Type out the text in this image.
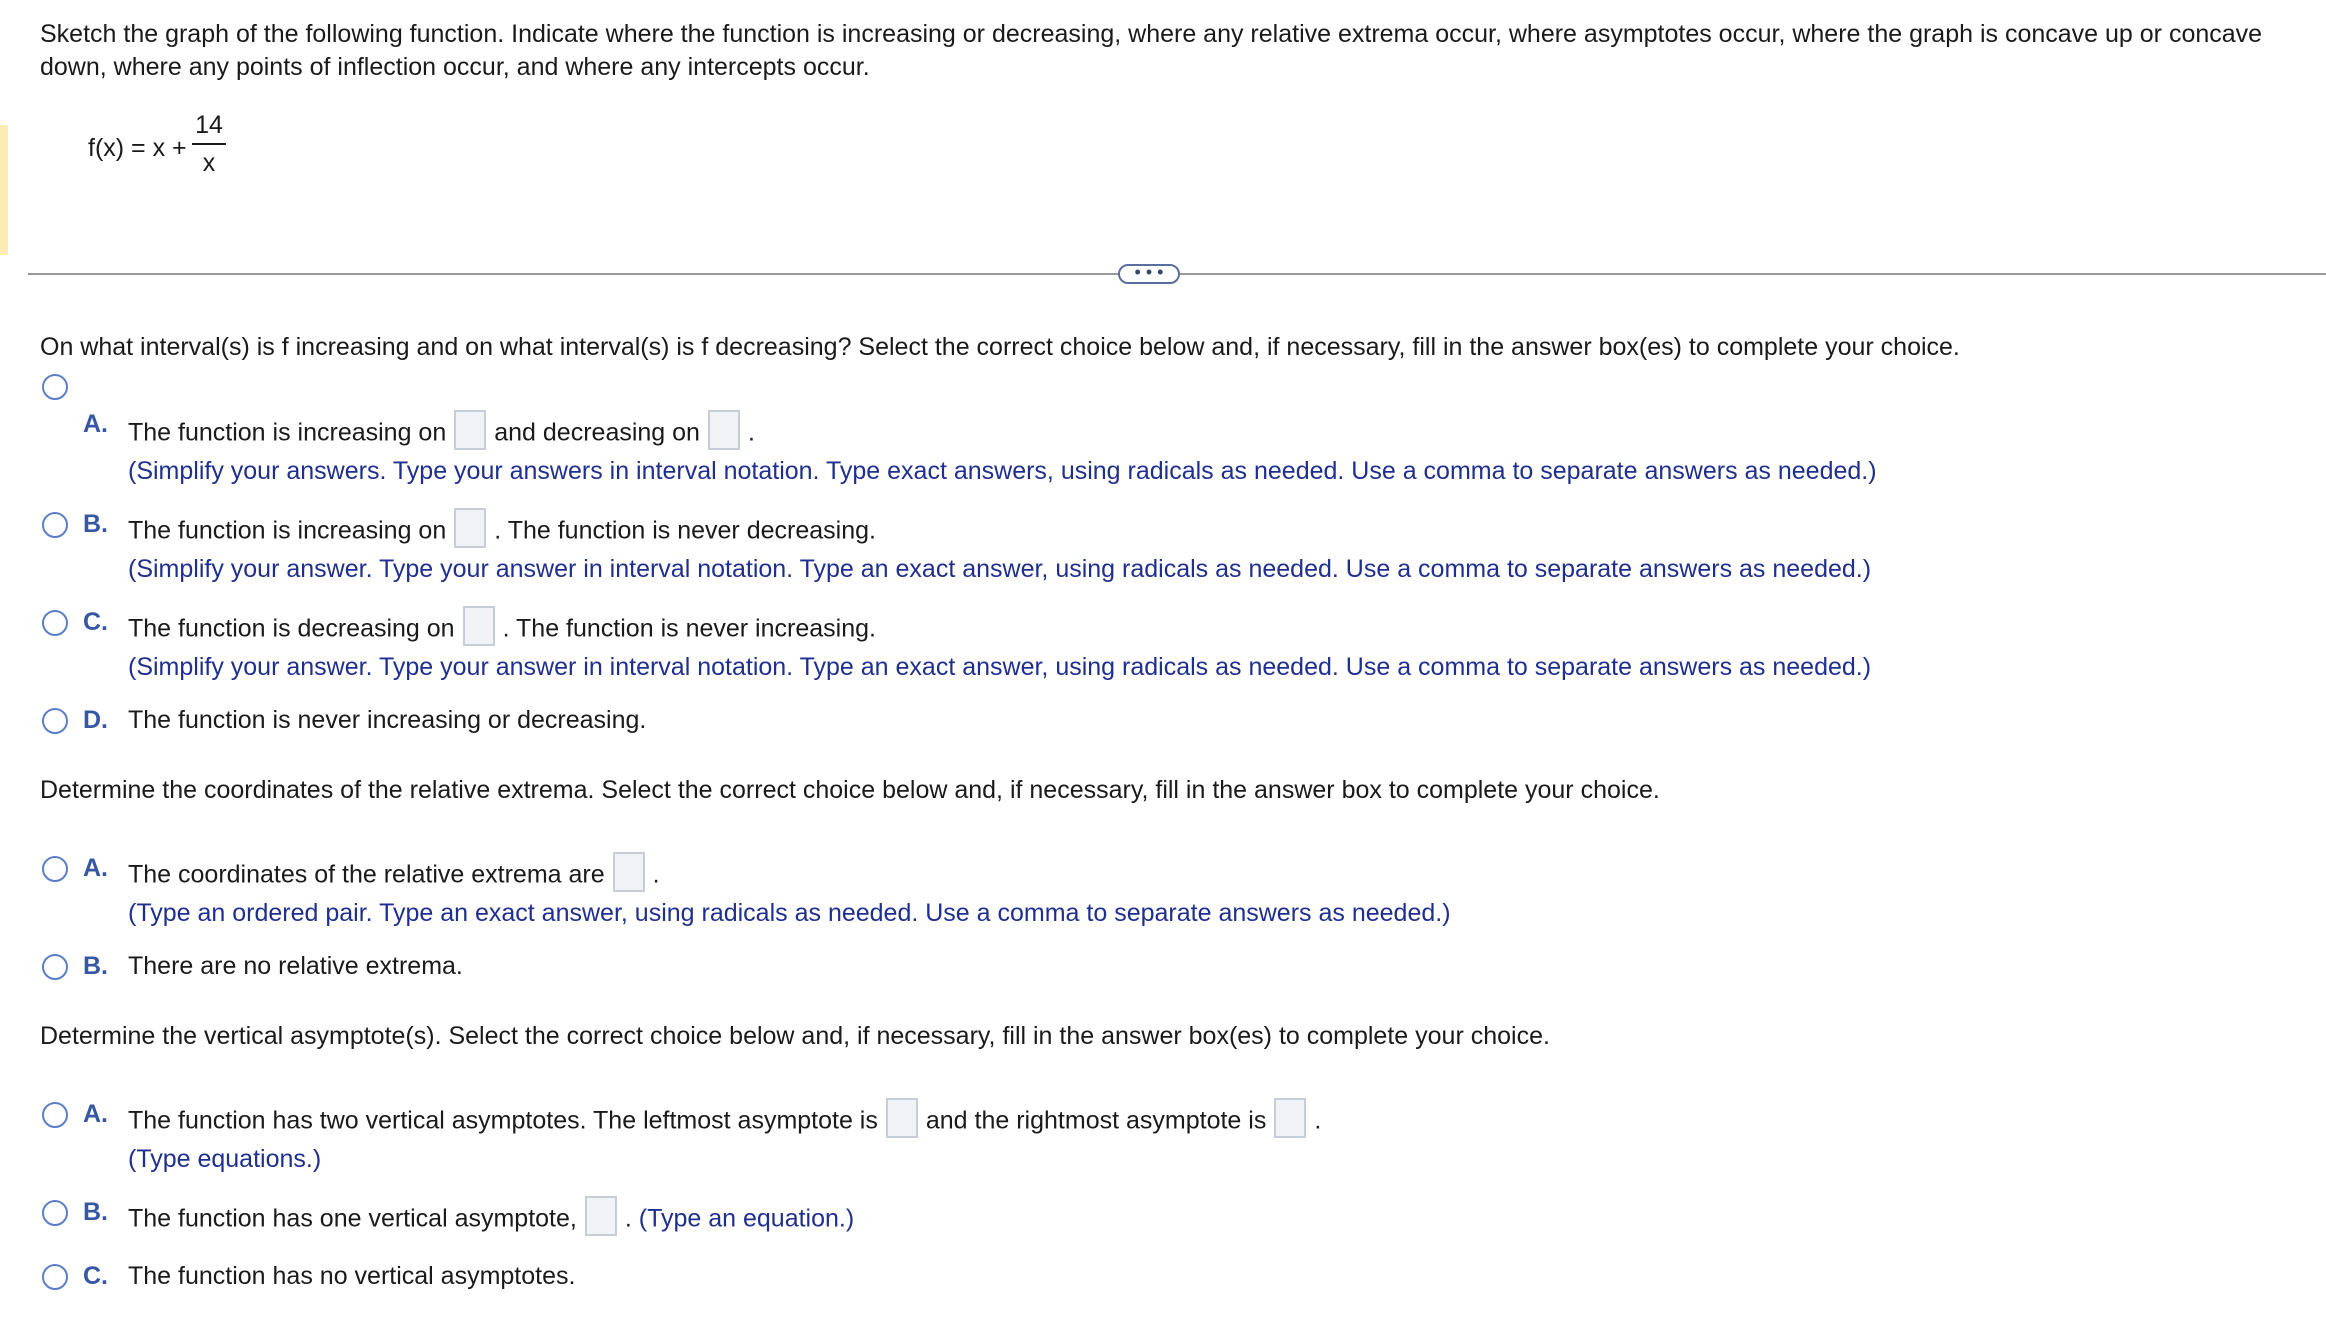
Sketch the graph of the following function. Indicate where the function is increasing or decreasing, where any relative extrema occur, where asymptotes occur, where the graph is concave up or concave down, where any points of inflection occur, and where any intercepts occur.
f(x) = x +
14
x
• • •
On what interval(s) is f increasing and on what interval(s) is f decreasing? Select the correct choice below and, if necessary, fill in the answer box(es) to complete your choice.
A. The function is increasing on and decreasing on .
(Simplify your answers. Type your answers in interval notation. Type exact answers, using radicals as needed. Use a comma to separate answers as needed.)
B. The function is increasing on . The function is never decreasing.
(Simplify your answer. Type your answer in interval notation. Type an exact answer, using radicals as needed. Use a comma to separate answers as needed.)
C. The function is decreasing on . The function is never increasing.
(Simplify your answer. Type your answer in interval notation. Type an exact answer, using radicals as needed. Use a comma to separate answers as needed.)
D. The function is never increasing or decreasing.
Determine the coordinates of the relative extrema. Select the correct choice below and, if necessary, fill in the answer box to complete your choice.
A. The coordinates of the relative extrema are .
(Type an ordered pair. Type an exact answer, using radicals as needed. Use a comma to separate answers as needed.)
B. There are no relative extrema.
Determine the vertical asymptote(s). Select the correct choice below and, if necessary, fill in the answer box(es) to complete your choice.
A. The function has two vertical asymptotes. The leftmost asymptote is and the rightmost asymptote is .
(Type equations.)
B. The function has one vertical asymptote, . (Type an equation.)
C. The function has no vertical asymptotes.
